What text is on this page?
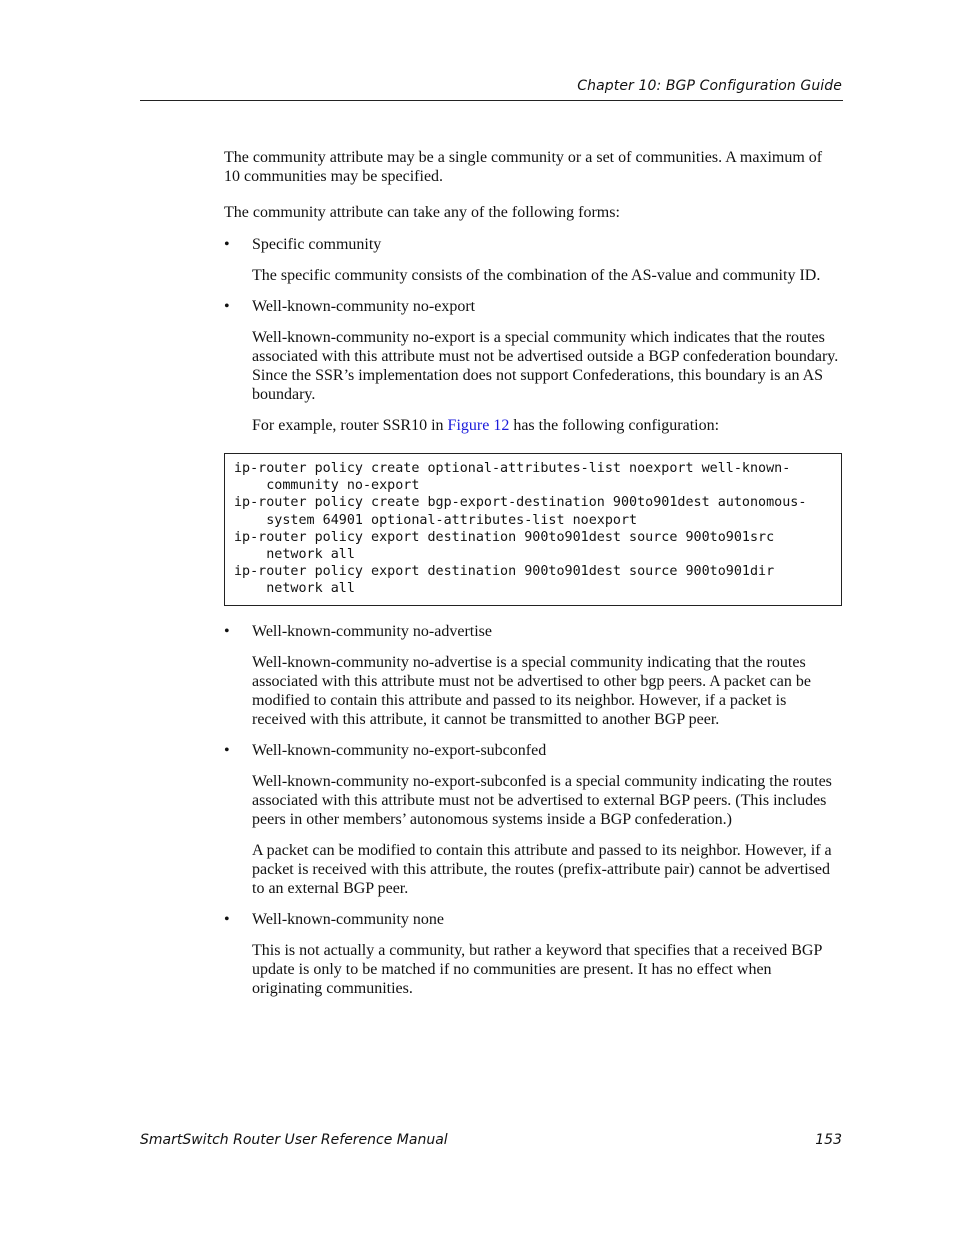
Chapter 10: BGP Configuration Guide

The community attribute may be a single community or a set of communities. A maximum of 10 communities may be specified.

The community attribute can take any of the following forms:

• Specific community

The specific community consists of the combination of the AS-value and community ID.

• Well-known-community no-export

Well-known-community no-export is a special community which indicates that the routes associated with this attribute must not be advertised outside a BGP confederation boundary. Since the SSR’s implementation does not support Confederations, this boundary is an AS boundary.

For example, router SSR10 in Figure 12 has the following configuration:

ip-router policy create optional-attributes-list noexport well-known-
community no-export
ip-router policy create bgp-export-destination 900to901dest autonomous-
system 64901 optional-attributes-list noexport
ip-router policy export destination 900to901dest source 900to901src
network all
ip-router policy export destination 900to901dest source 900to901dir
network all
• Well-known-community no-advertise

Well-known-community no-advertise is a special community indicating that the routes associated with this attribute must not be advertised to other bgp peers. A packet can be modified to contain this attribute and passed to its neighbor. However, if a packet is received with this attribute, it cannot be transmitted to another BGP peer.

• Well-known-community no-export-subconfed

Well-known-community no-export-subconfed is a special community indicating the routes associated with this attribute must not be advertised to external BGP peers. (This includes peers in other members’ autonomous systems inside a BGP confederation.)

A packet can be modified to contain this attribute and passed to its neighbor. However, if a packet is received with this attribute, the routes (prefix-attribute pair) cannot be advertised to an external BGP peer.

• Well-known-community none

This is not actually a community, but rather a keyword that specifies that a received BGP update is only to be matched if no communities are present. It has no effect when originating communities.

SmartSwitch Router User Reference Manual	153
